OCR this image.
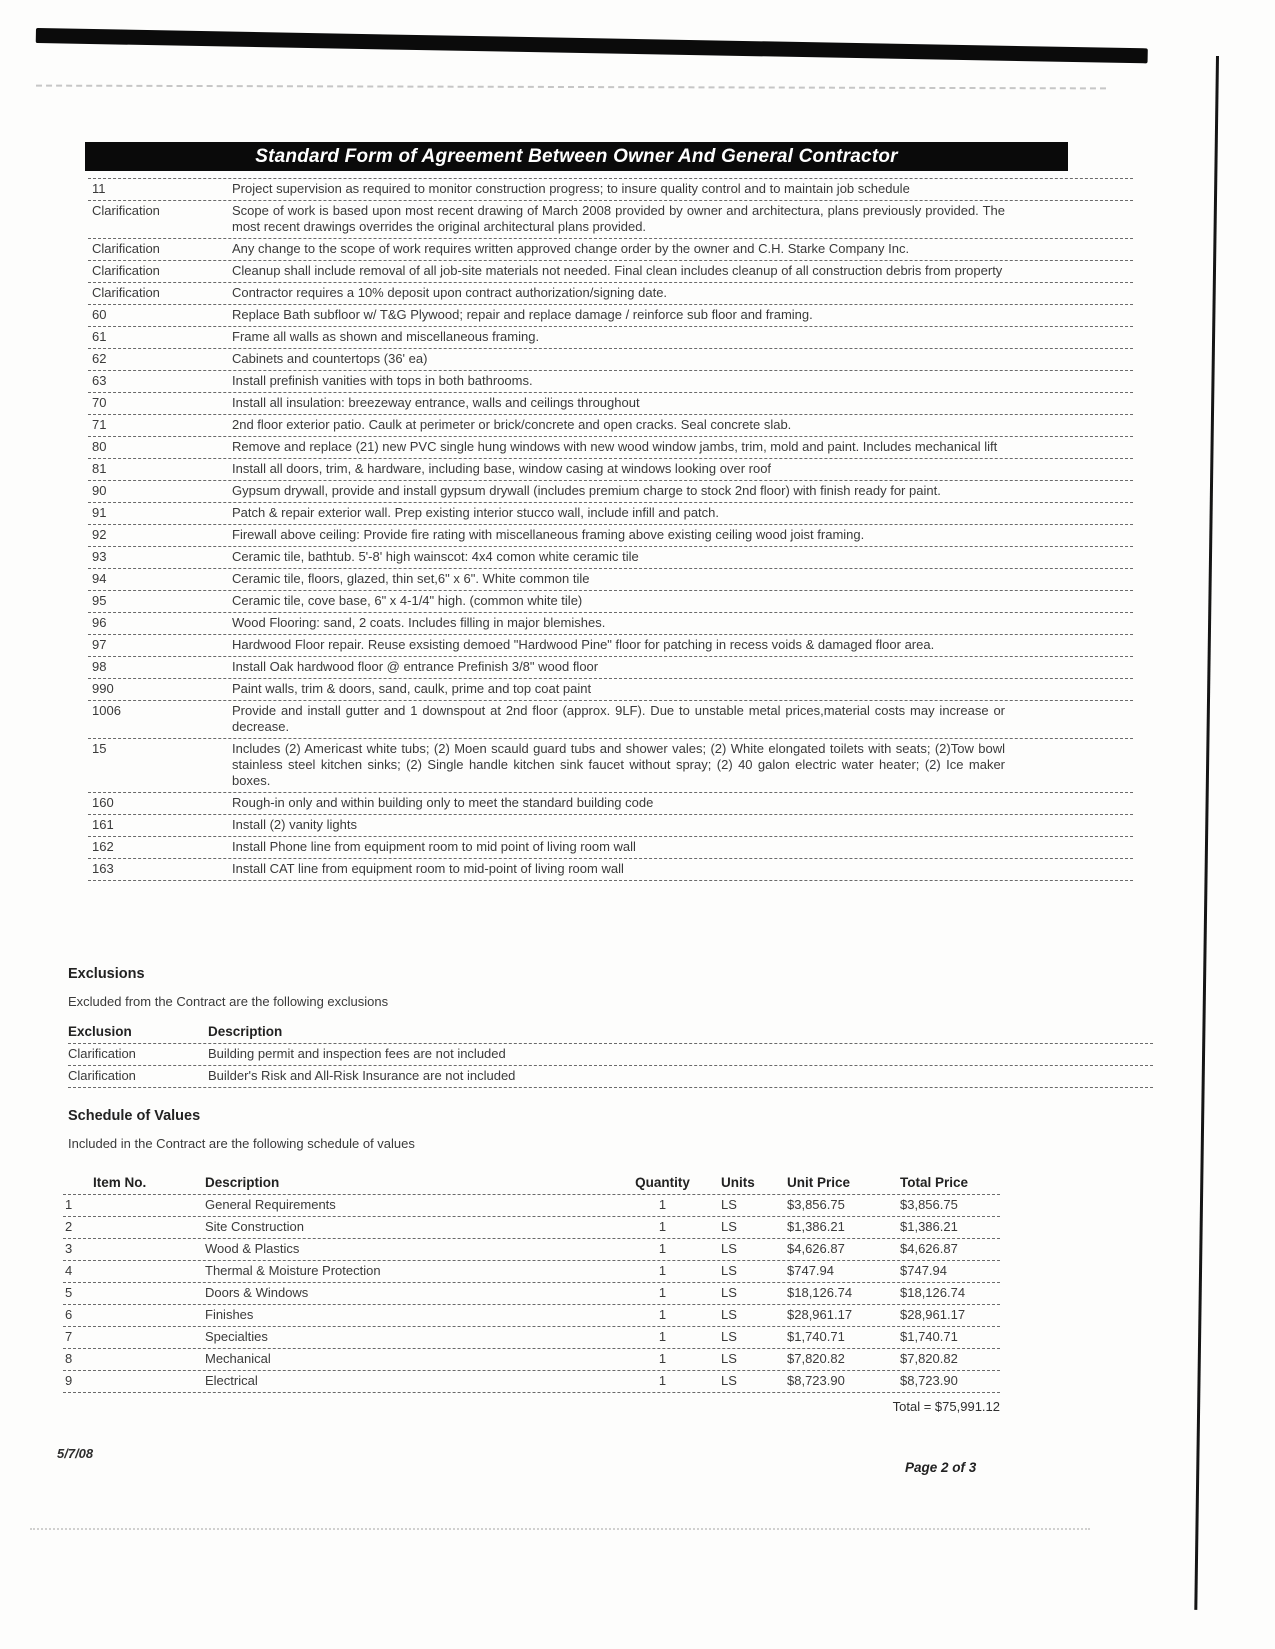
Standard Form of Agreement Between Owner And General Contractor
11	Project supervision as required to monitor construction progress; to insure quality control and to maintain job schedule
Clarification	Scope of work is based upon most recent drawing of March 2008 provided by owner and architectura, plans previously provided. The most recent drawings overrides the original architectural plans provided.
Clarification	Any change to the scope of work requires written approved change order by the owner and C.H. Starke Company Inc.
Clarification	Cleanup shall include removal of all job-site materials not needed. Final clean includes cleanup of all construction debris from property
Clarification	Contractor requires a 10% deposit upon contract authorization/signing date.
60	Replace Bath subfloor w/ T&G Plywood; repair and replace damage / reinforce sub floor and framing.
61	Frame all walls as shown and miscellaneous framing.
62	Cabinets and countertops (36' ea)
63	Install prefinish vanities with tops in both bathrooms.
70	Install all insulation: breezeway entrance, walls and ceilings throughout
71	2nd floor exterior patio. Caulk at perimeter or brick/concrete and open cracks. Seal concrete slab.
80	Remove and replace (21) new PVC single hung windows with new wood window jambs, trim, mold and paint. Includes mechanical lift
81	Install all doors, trim, & hardware, including base, window casing at windows looking over roof
90	Gypsum drywall, provide and install gypsum drywall (includes premium charge to stock 2nd floor) with finish ready for paint.
91	Patch & repair exterior wall. Prep existing interior stucco wall, include infill and patch.
92	Firewall above ceiling: Provide fire rating with miscellaneous framing above existing ceiling wood joist framing.
93	Ceramic tile, bathtub. 5'-8' high wainscot: 4x4 comon white ceramic tile
94	Ceramic tile, floors, glazed, thin set,6" x 6". White common tile
95	Ceramic tile, cove base, 6" x 4-1/4" high. (common white tile)
96	Wood Flooring: sand, 2 coats. Includes filling in major blemishes.
97	Hardwood Floor repair. Reuse exsisting demoed "Hardwood Pine" floor for patching in recess voids & damaged floor area.
98	Install Oak hardwood floor @ entrance Prefinish 3/8" wood floor
990	Paint walls, trim & doors, sand, caulk, prime and top coat paint
1006	Provide and install gutter and 1 downspout at 2nd floor (approx. 9LF). Due to unstable metal prices,material costs may increase or decrease.
15	Includes (2) Americast white tubs; (2) Moen scauld guard tubs and shower vales; (2) White elongated toilets with seats; (2)Tow bowl stainless steel kitchen sinks; (2) Single handle kitchen sink faucet without spray; (2) 40 galon electric water heater; (2) Ice maker boxes.
160	Rough-in only and within building only to meet the standard building code
161	Install (2) vanity lights
162	Install Phone line from equipment room to mid point of living room wall
163	Install CAT line from equipment room to mid-point of living room wall
Exclusions
Excluded from the Contract are the following exclusions
Exclusion	Description
Clarification	Building permit and inspection fees are not included
Clarification	Builder's Risk and All-Risk Insurance are not included
Schedule of Values
Included in the Contract are the following schedule of values
Item No.	Description	Quantity	Units	Unit Price	Total Price
1	General Requirements	1	LS	$3,856.75	$3,856.75
2	Site Construction	1	LS	$1,386.21	$1,386.21
3	Wood & Plastics	1	LS	$4,626.87	$4,626.87
4	Thermal & Moisture Protection	1	LS	$747.94	$747.94
5	Doors & Windows	1	LS	$18,126.74	$18,126.74
6	Finishes	1	LS	$28,961.17	$28,961.17
7	Specialties	1	LS	$1,740.71	$1,740.71
8	Mechanical	1	LS	$7,820.82	$7,820.82
9	Electrical	1	LS	$8,723.90	$8,723.90
Total = $75,991.12
5/7/08
Page 2 of 3
